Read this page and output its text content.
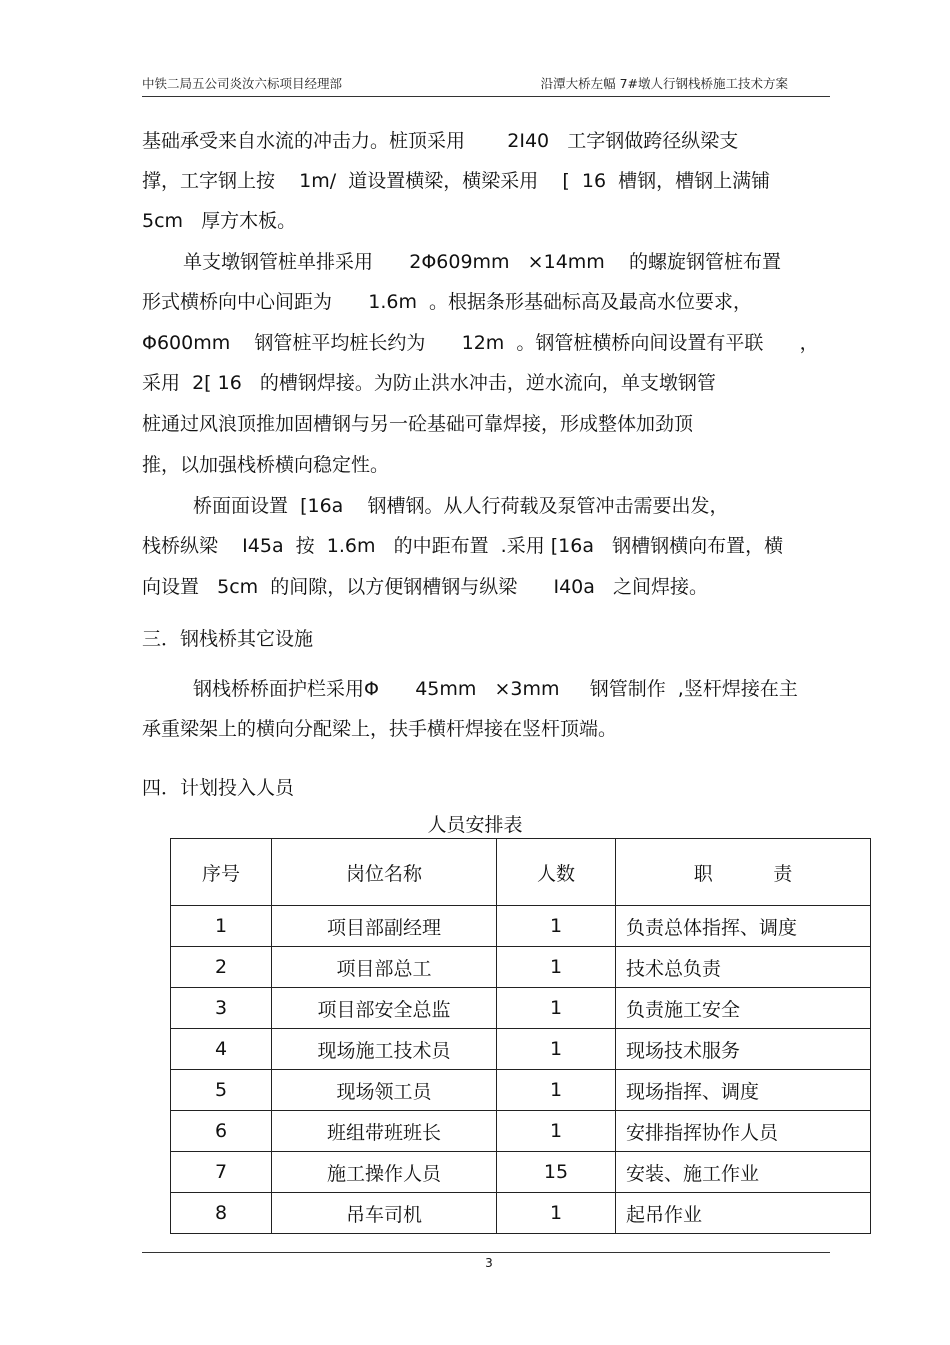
中铁二局五公司炎汝六标项目经理部	沿潭大桥左幅 7#墩人行钢栈桥施工技术方案
基础承受来自水流的冲击力。桩顶采用       2I40   工字钢做跨径纵梁支
撑，工字钢上按    1m/  道设置横梁，横梁采用    [  16  槽钢，槽钢上满铺
5cm   厚方木板。
单支墩钢管桩单排采用      2Φ609mm   ×14mm    的螺旋钢管桩布置
形式横桥向中心间距为      1.6m  。根据条形基础标高及最高水位要求，
Φ600mm    钢管桩平均桩长约为      12m  。钢管桩横桥向间设置有平联      ，
采用  2[ 16   的槽钢焊接。为防止洪水冲击，逆水流向，单支墩钢管
桩通过风浪顶推加固槽钢与另一砼基础可靠焊接，形成整体加劲顶
推，以加强栈桥横向稳定性。
桥面面设置  [16a    钢槽钢。从人行荷载及泵管冲击需要出发，
栈桥纵梁    I45a  按  1.6m   的中距布置  .采用 [16a   钢槽钢横向布置，横
向设置   5cm  的间隙，以方便钢槽钢与纵梁      I40a   之间焊接。
三．钢栈桥其它设施
钢栈桥桥面护栏采用Φ      45mm   ×3mm     钢管制作  ,竖杆焊接在主
承重梁架上的横向分配梁上，扶手横杆焊接在竖杆顶端。
四．计划投入人员
人员安排表
序号	岗位名称	人数	职          责
1	项目部副经理	1	负责总体指挥、调度
2	项目部总工	1	技术总负责
3	项目部安全总监	1	负责施工安全
4	现场施工技术员	1	现场技术服务
5	现场领工员	1	现场指挥、调度
6	班组带班班长	1	安排指挥协作人员
7	施工操作人员	15	安装、施工作业
8	吊车司机	1	起吊作业
3
